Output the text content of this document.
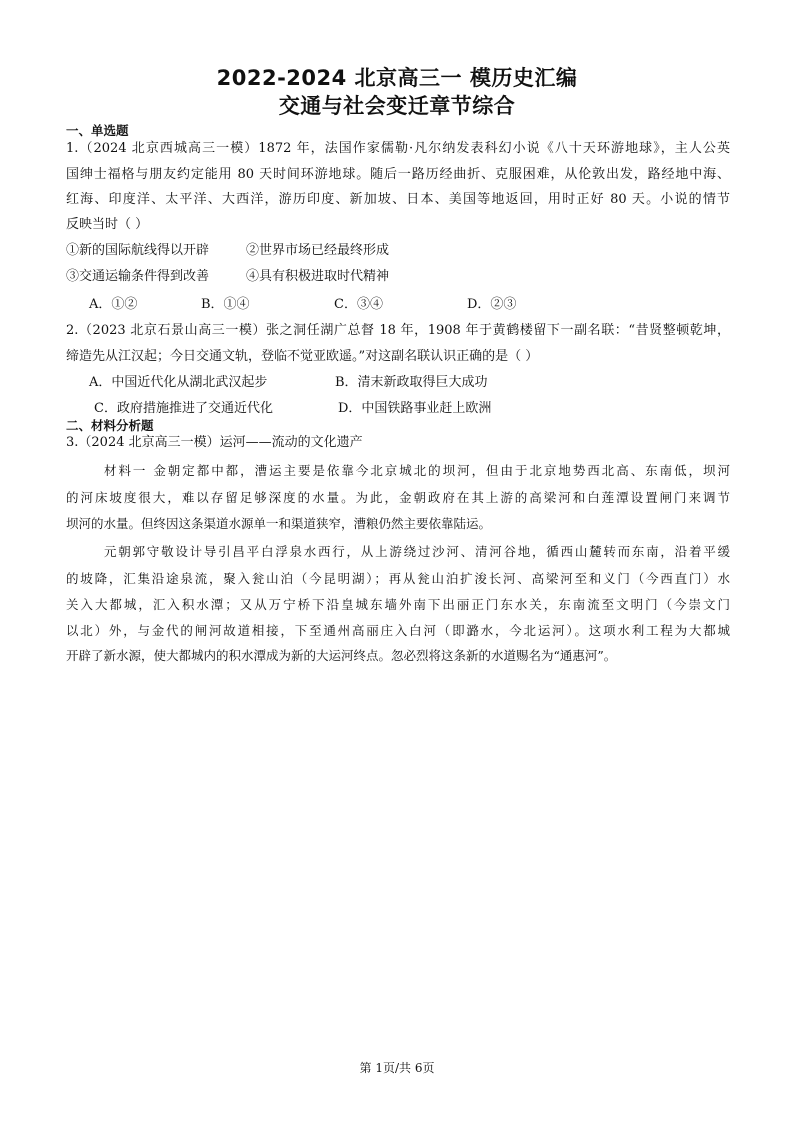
2022-2024 北京高三一 模历史汇编
交通与社会变迁章节综合
一、单选题
1.（2024 北京西城高三一模）1872 年，法国作家儒勒·凡尔纳发表科幻小说《八十天环游地球》，主人公英
国绅士福格与朋友约定能用 80 天时间环游地球。随后一路历经曲折、克服困难，从伦敦出发，路经地中海、
红海、印度洋、太平洋、大西洋，游历印度、新加坡、日本、美国等地返回，用时正好 80 天。小说的情节
反映当时（ ）
①新的国际航线得以开辟	②世界市场已经最终形成
③交通运输条件得到改善	④具有积极进取时代精神
A．①②	B．①④	C．③④	D．②③
2.（2023 北京石景山高三一模）张之洞任湖广总督 18 年，1908 年于黄鹤楼留下一副名联：“昔贤整顿乾坤，
缔造先从江汉起；今日交通文轨，登临不觉亚欧遥。”对这副名联认识正确的是（ ）
A．中国近代化从湖北武汉起步	B．清末新政取得巨大成功
C．政府措施推进了交通近代化	D．中国铁路事业赶上欧洲
二、材料分析题
3.（2024 北京高三一模）运河——流动的文化遗产
材料一 金朝定都中都，漕运主要是依靠今北京城北的坝河，但由于北京地势西北高、东南低，坝河
的河床坡度很大，难以存留足够深度的水量。为此，金朝政府在其上游的高梁河和白莲潭设置闸门来调节
坝河的水量。但终因这条渠道水源单一和渠道狭窄，漕粮仍然主要依靠陆运。
元朝郭守敬设计导引昌平白浮泉水西行，从上游绕过沙河、清河谷地，循西山麓转而东南，沿着平缓
的坡降，汇集沿途泉流，聚入瓮山泊（今昆明湖）；再从瓮山泊扩浚长河、高梁河至和义门（今西直门）水
关入大都城，汇入积水潭；又从万宁桥下沿皇城东墙外南下出丽正门东水关，东南流至文明门（今崇文门
以北）外，与金代的闸河故道相接，下至通州高丽庄入白河（即潞水，今北运河）。这项水利工程为大都城
开辟了新水源，使大都城内的积水潭成为新的大运河终点。忽必烈将这条新的水道赐名为“通惠河”。
第 1页/共 6页
